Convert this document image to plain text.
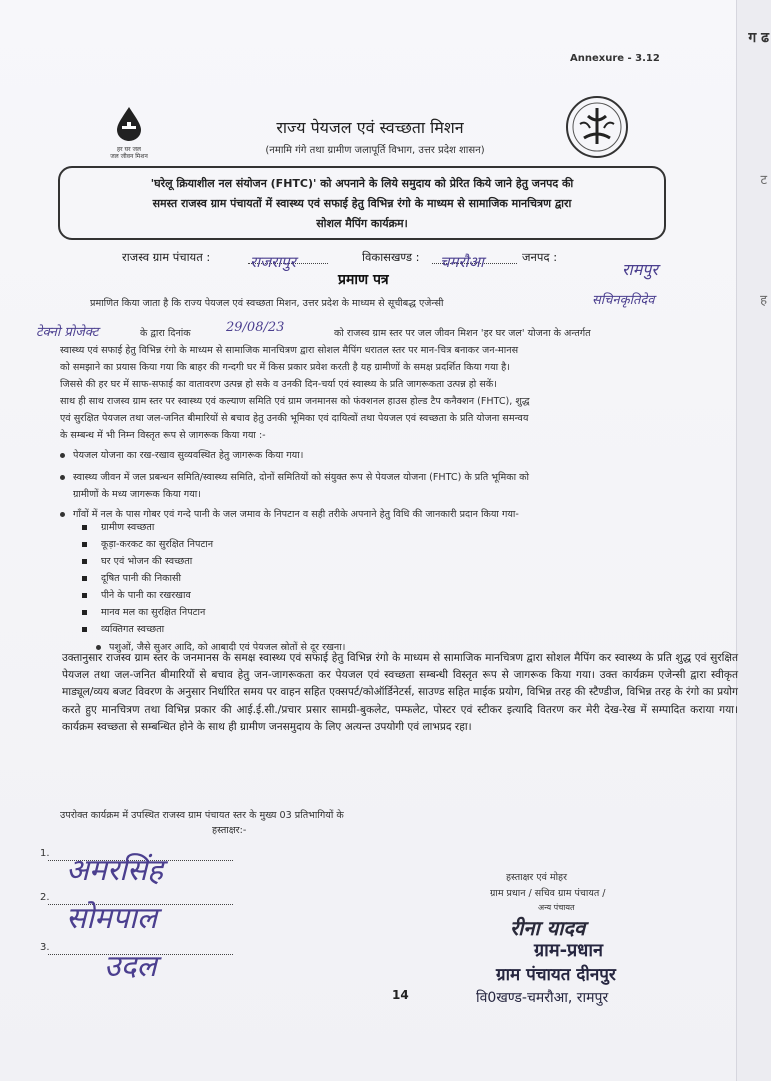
ग ढ
ट
ह
Annexure - 3.12
हर घर जल
जल जीवन मिशन
राज्य पेयजल एवं स्वच्छता मिशन
(नमामि गंगे तथा ग्रामीण जलापूर्ति विभाग, उत्तर प्रदेश शासन)
'घरेलू क्रियाशील नल संयोजन (FHTC)' को अपनाने के लिये समुदाय को प्रेरित किये जाने हेतु जनपद की
समस्त राजस्व ग्राम पंचायतों में स्वास्थ्य एवं सफाई हेतु विभिन्न रंगो के माध्यम से सामाजिक मानचित्रण द्वारा
सोशल मैपिंग कार्यक्रम।
राजस्व ग्राम पंचायत :	राजरापुर	विकासखण्ड : चमरौआ	जनपद :
रामपुर
प्रमाण पत्र
प्रमाणित किया जाता है कि राज्य पेयजल एवं स्वच्छता मिशन, उत्तर प्रदेश के माध्यम से सूचीबद्ध एजेन्सी	सचिनकृतिदेव
टेक्नो प्रोजेक्ट	के द्वारा दिनांक	29/08/23	को राजस्व ग्राम स्तर पर जल जीवन मिशन 'हर घर जल' योजना के अन्तर्गत
स्वास्थ्य एवं सफाई हेतु विभिन्न रंगो के माध्यम से सामाजिक मानचित्रण द्वारा सोशल मैपिंग धरातल स्तर पर मान-चित्र बनाकर जन-मानस
को समझाने का प्रयास किया गया कि बाहर की गन्दगी घर में किस प्रकार प्रवेश करती है यह ग्रामीणों के समक्ष प्रदर्शित किया गया है।
जिससे की हर घर में साफ-सफाई का वातावरण उत्पन्न हो सके व उनकी दिन-चर्या एवं स्वास्थ्य के प्रति जागरूकता उत्पन्न हो सकें।
साथ ही साथ राजस्व ग्राम स्तर पर स्वास्थ्य एवं कल्याण समिति एवं ग्राम जनमानस को फंक्शनल हाउस होल्ड टैप कनैक्शन (FHTC), शुद्ध
एवं सुरक्षित पेयजल तथा जल-जनित बीमारियों से बचाव हेतु उनकी भूमिका एवं दायित्वों तथा पेयजल एवं स्वच्छता के प्रति योजना समन्वय
के सम्बन्ध में भी निम्न विस्तृत रूप से जागरूक किया गया :-
पेयजल योजना का रख-रखाव सुव्यवस्थित हेतु जागरूक किया गया।
स्वास्थ्य जीवन में जल प्रबन्धन समिति/स्वास्थ्य समिति, दोनों समितियों को संयुक्त रूप से पेयजल योजना (FHTC) के प्रति भूमिका को
ग्रामीणों के मध्य जागरूक किया गया।
गाँवों में नल के पास गोबर एवं गन्दे पानी के जल जमाव के निपटान व सही तरीके अपनाने हेतु विधि की जानकारी प्रदान किया गया-
ग्रामीण स्वच्छता
कूड़ा-करकट का सुरक्षित निपटान
घर एवं भोजन की स्वच्छता
दूषित पानी की निकासी
पीने के पानी का रखरखाव
मानव मल का सुरक्षित निपटान
व्यक्तिगत स्वच्छता
पशुओं, जैसे सुअर आदि, को आबादी एवं पेयजल स्रोतों से दूर रखना।
उक्तानुसार राजस्व ग्राम स्तर के जनमानस के समक्ष स्वास्थ्य एवं सफाई हेतु विभिन्न रंगो के माध्यम से सामाजिक मानचित्रण द्वारा सोशल मैपिंग कर स्वास्थ्य के प्रति शुद्ध एवं सुरक्षित पेयजल तथा जल-जनित बीमारियों से बचाव हेतु जन-जागरूकता कर पेयजल एवं स्वच्छता सम्बन्धी विस्तृत रूप से जागरूक किया गया। उक्त कार्यक्रम एजेन्सी द्वारा स्वीकृत माड्यूल/व्यय बजट विवरण के अनुसार निर्धारित समय पर वाहन सहित एक्सपर्ट/कोऑर्डिनेटर्स, साउण्ड सहित माईक प्रयोग, विभिन्न तरह की स्टैण्डीज, विभिन्न तरह के रंगो का प्रयोग करते हुए मानचित्रण तथा विभिन्न प्रकार की आई.ई.सी./प्रचार प्रसार सामग्री-बुकलेट, पम्फलेट, पोस्टर एवं स्टीकर इत्यादि वितरण कर मेरी देख-रेख में सम्पादित कराया गया। कार्यक्रम स्वच्छता से सम्बन्धित होने के साथ ही ग्रामीण जनसमुदाय के लिए अत्यन्त उपयोगी एवं लाभप्रद रहा।
उपरोक्त कार्यक्रम में उपस्थित राजस्व ग्राम पंचायत स्तर के मुख्य 03 प्रतिभागियों के
हस्ताक्षर:-
1. अमरसिंह
2.
सोमपाल
3.
उदल
हस्ताक्षर एवं मोहर
ग्राम प्रधान / सचिव ग्राम पंचायत /
अन्य पंचायत
रीना यादव
ग्राम-प्रधान
ग्राम पंचायत दीनपुर
वि0खण्ड-चमरौआ, रामपुर
14
